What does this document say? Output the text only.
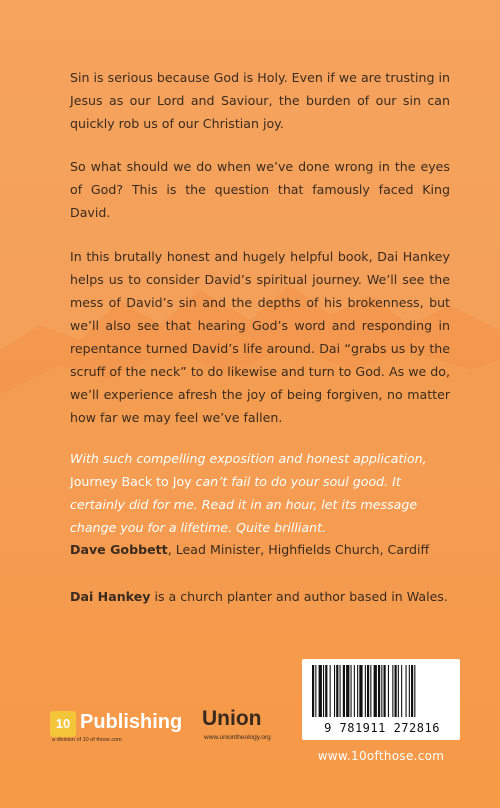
Sin is serious because God is Holy. Even if we are trusting in Jesus as our Lord and Saviour, the burden of our sin can quickly rob us of our Christian joy.

So what should we do when we’ve done wrong in the eyes of God? This is the question that famously faced King David.

In this brutally honest and hugely helpful book, Dai Hankey helps us to consider David’s spiritual journey. We’ll see the mess of David’s sin and the depths of his brokenness, but we’ll also see that hearing God’s word and responding in repentance turned David’s life around. Dai “grabs us by the scruff of the neck” to do likewise and turn to God. As we do, we’ll experience afresh the joy of being forgiven, no matter how far we may feel we’ve fallen.

With such compelling exposition and honest application, Journey Back to Joy can’t fail to do your soul good. It certainly did for me. Read it in an hour, let its message change you for a lifetime. Quite brilliant.

Dave Gobbett, Lead Minister, Highfields Church, Cardiff

Dai Hankey is a church planter and author based in Wales.

10 Publishing
a division of 10 of those.com
Union
www.uniontheology.org
9 781911 272816
www.10ofthose.com
